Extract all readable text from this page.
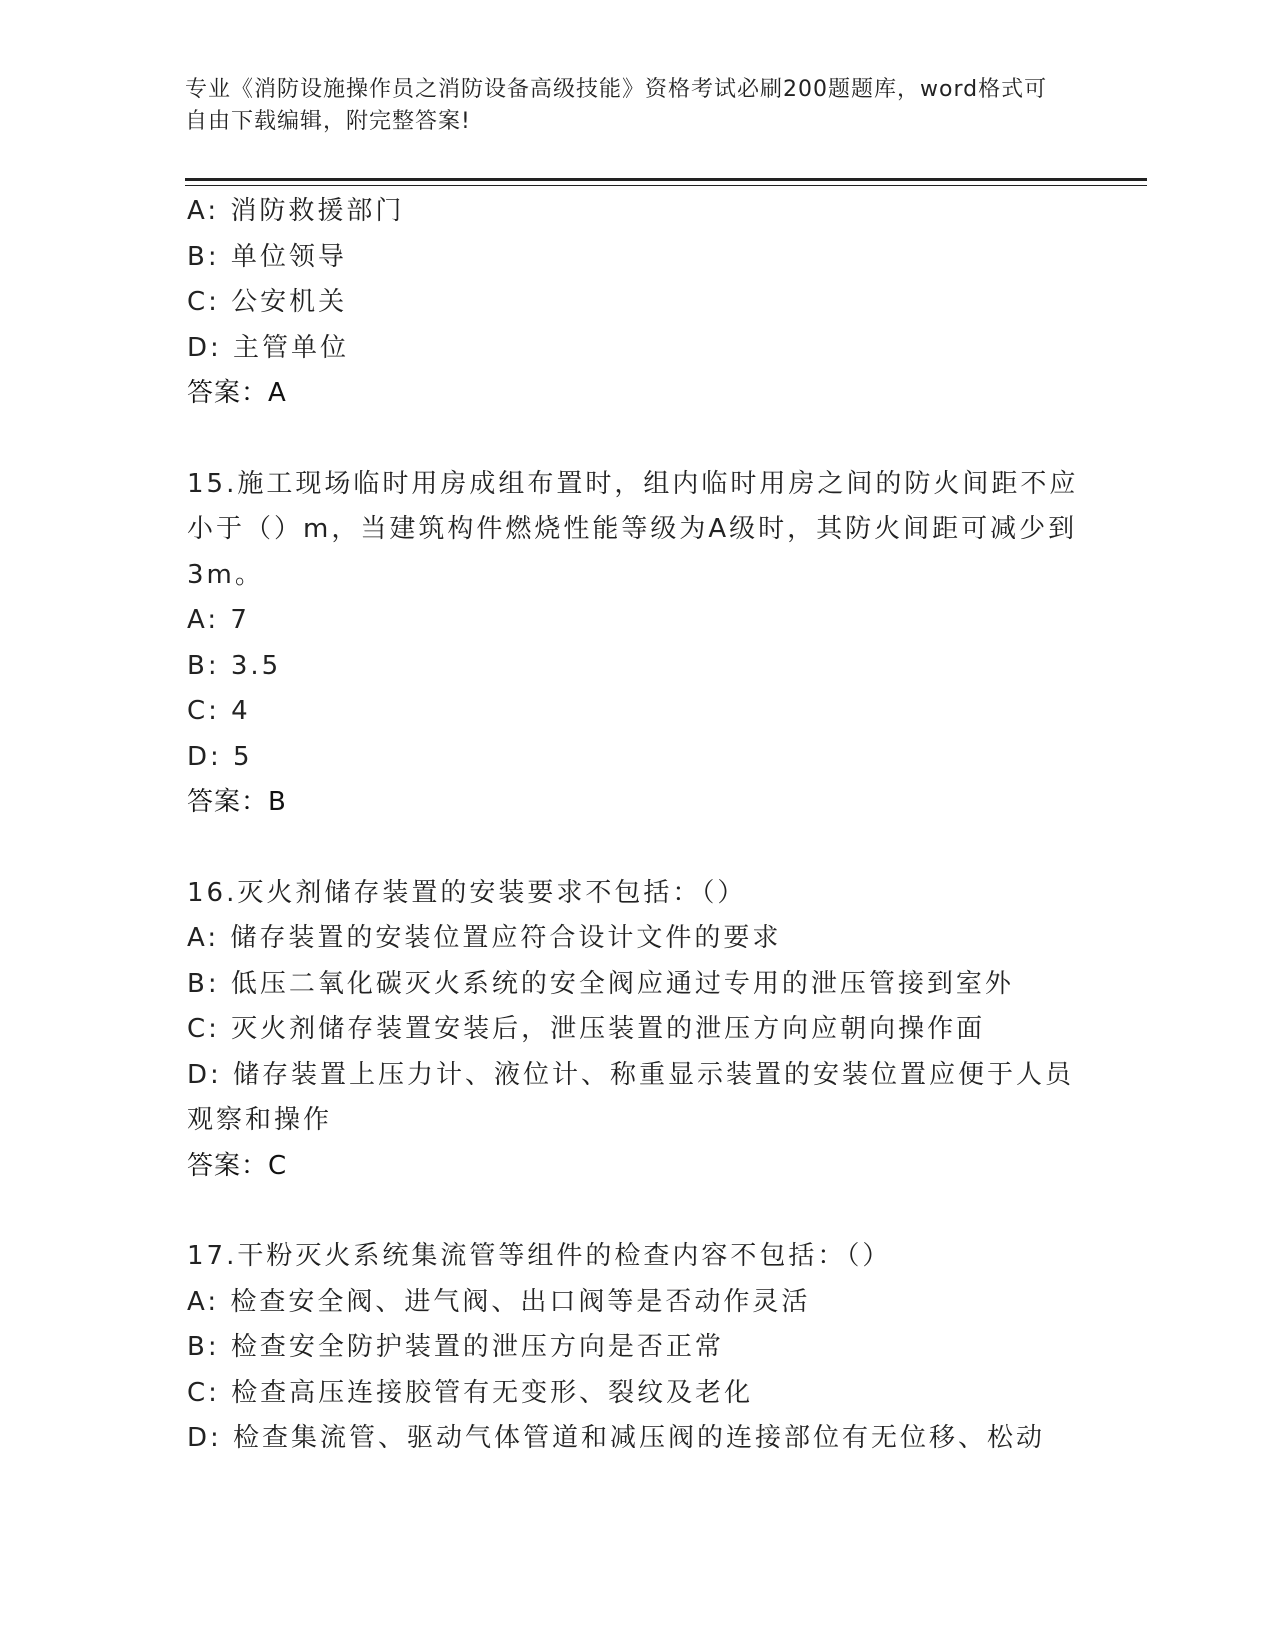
专业《消防设施操作员之消防设备高级技能》资格考试必刷200题题库，word格式可自由下载编辑，附完整答案!
A: 消防救援部门
B: 单位领导
C: 公安机关
D: 主管单位
答案：A
15.施工现场临时用房成组布置时，组内临时用房之间的防火间距不应
小于（）m，当建筑构件燃烧性能等级为A级时，其防火间距可减少到
3m。
A: 7
B: 3.5
C: 4
D: 5
答案：B
16.灭火剂储存装置的安装要求不包括：（）
A: 储存装置的安装位置应符合设计文件的要求
B: 低压二氧化碳灭火系统的安全阀应通过专用的泄压管接到室外
C: 灭火剂储存装置安装后，泄压装置的泄压方向应朝向操作面
D: 储存装置上压力计、液位计、称重显示装置的安装位置应便于人员
观察和操作
答案：C
17.干粉灭火系统集流管等组件的检查内容不包括：（）
A: 检查安全阀、进气阀、出口阀等是否动作灵活
B: 检查安全防护装置的泄压方向是否正常
C: 检查高压连接胶管有无变形、裂纹及老化
D: 检查集流管、驱动气体管道和减压阀的连接部位有无位移、松动
